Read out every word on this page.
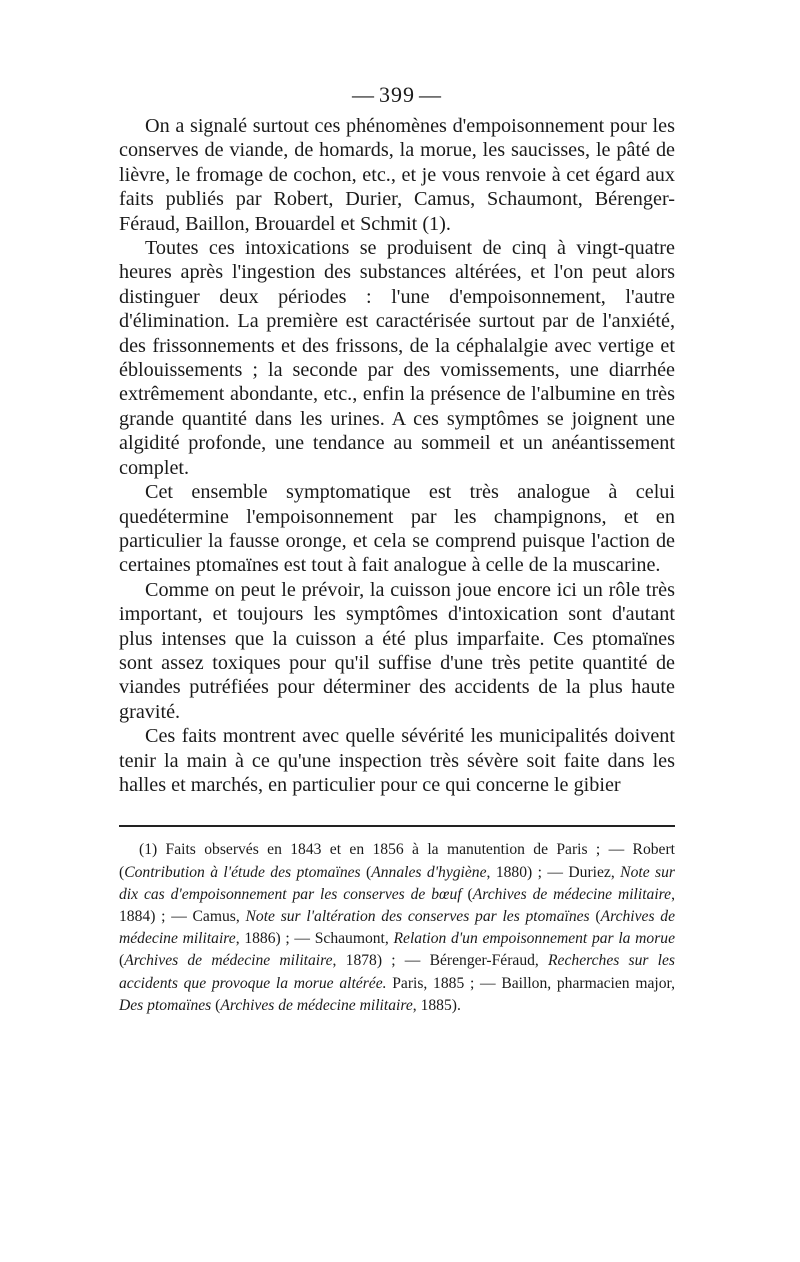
— 399 —

On a signalé surtout ces phénomènes d'empoisonnement pour les conserves de viande, de homards, la morue, les saucisses, le pâté de lièvre, le fromage de cochon, etc., et je vous renvoie à cet égard aux faits publiés par Robert, Durier, Camus, Schaumont, Bérenger-Féraud, Baillon, Brouardel et Schmit (1).

Toutes ces intoxications se produisent de cinq à vingt-quatre heures après l'ingestion des substances altérées, et l'on peut alors distinguer deux périodes : l'une d'empoisonnement, l'autre d'élimination. La première est caractérisée surtout par de l'anxiété, des frissonnements et des frissons, de la céphalalgie avec vertige et éblouissements ; la seconde par des vomissements, une diarrhée extrêmement abondante, etc., enfin la présence de l'albumine en très grande quantité dans les urines. A ces symptômes se joignent une algidité profonde, une tendance au sommeil et un anéantissement complet.

Cet ensemble symptomatique est très analogue à celui quedétermine l'empoisonnement par les champignons, et en particulier la fausse oronge, et cela se comprend puisque l'action de certaines ptomaïnes est tout à fait analogue à celle de la muscarine.

Comme on peut le prévoir, la cuisson joue encore ici un rôle très important, et toujours les symptômes d'intoxication sont d'autant plus intenses que la cuisson a été plus imparfaite. Ces ptomaïnes sont assez toxiques pour qu'il suffise d'une très petite quantité de viandes putréfiées pour déterminer des accidents de la plus haute gravité.

Ces faits montrent avec quelle sévérité les municipalités doivent tenir la main à ce qu'une inspection très sévère soit faite dans les halles et marchés, en particulier pour ce qui concerne le gibier

(1) Faits observés en 1843 et en 1856 à la manutention de Paris ; — Robert (Contribution à l'étude des ptomaïnes (Annales d'hygiène, 1880) ; — Duriez, Note sur dix cas d'empoisonnement par les conserves de bœuf (Archives de médecine militaire, 1884) ; — Camus, Note sur l'altération des conserves par les ptomaïnes (Archives de médecine militaire, 1886) ; — Schaumont, Relation d'un empoisonnement par la morue (Archives de médecine militaire, 1878) ; — Bérenger-Féraud, Recherches sur les accidents que provoque la morue altérée. Paris, 1885 ; — Baillon, pharmacien major, Des ptomaïnes (Archives de médecine militaire, 1885).
